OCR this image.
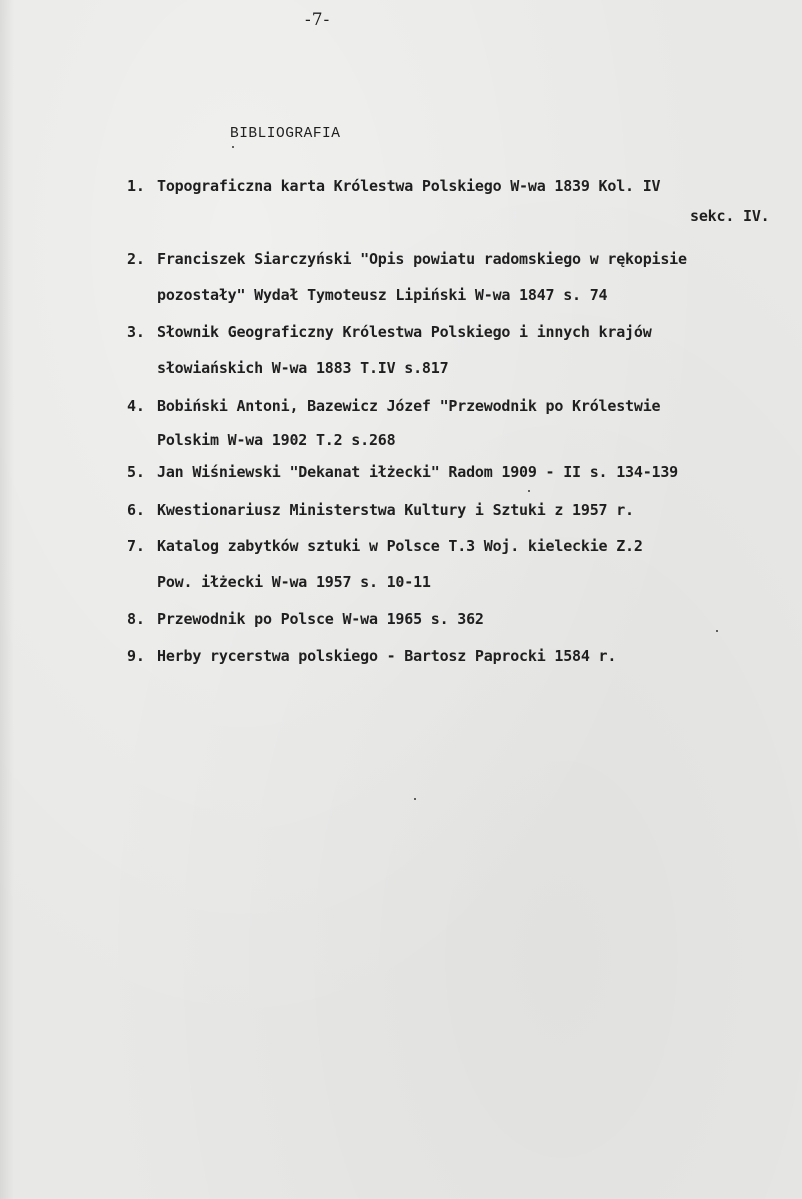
-7-
BIBLIOGRAFIA
1. Topograficzna karta Królestwa Polskiego W-wa 1839 Kol. IV
sekc. IV.
2. Franciszek Siarczyński "Opis powiatu radomskiego w rękopisie
pozostały" Wydał Tymoteusz Lipiński W-wa 1847 s. 74
3. Słownik Geograficzny Królestwa Polskiego i innych krajów
słowiańskich W-wa 1883 T.IV s.817
4. Bobiński Antoni, Bazewicz Józef "Przewodnik po Królestwie
Polskim W-wa 1902 T.2 s.268
5. Jan Wiśniewski "Dekanat iłżecki" Radom 1909 - II s. 134-139
6. Kwestionariusz Ministerstwa Kultury i Sztuki z 1957 r.
7. Katalog zabytków sztuki w Polsce T.3 Woj. kieleckie Z.2
Pow. iłżecki W-wa 1957 s. 10-11
8. Przewodnik po Polsce W-wa 1965 s. 362
9. Herby rycerstwa polskiego - Bartosz Paprocki 1584 r.
